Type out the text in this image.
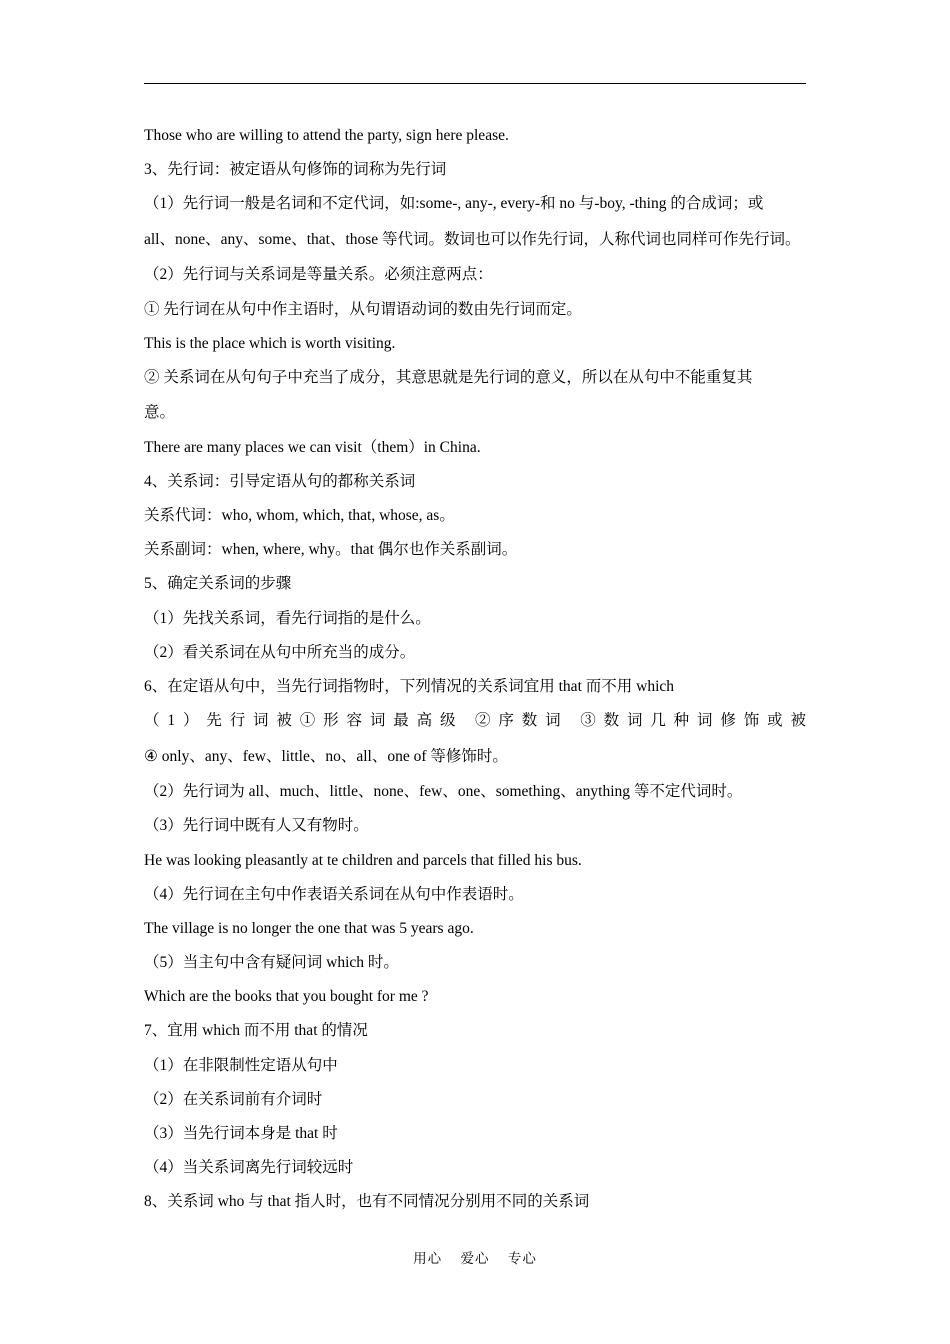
Those who are willing to attend the party, sign here please.
3、先行词：被定语从句修饰的词称为先行词
（1）先行词一般是名词和不定代词，如:some-, any-, every-和 no 与-boy, -thing 的合成词；或
all、none、any、some、that、those 等代词。数词也可以作先行词，人称代词也同样可作先行词。
（2）先行词与关系词是等量关系。必须注意两点：
① 先行词在从句中作主语时，从句谓语动词的数由先行词而定。
This is the place which is worth visiting.
② 关系词在从句句子中充当了成分，其意思就是先行词的意义，所以在从句中不能重复其
意。
There are many places we can visit（them）in China.
4、关系词：引导定语从句的都称关系词
关系代词：who, whom, which, that, whose, as。
关系副词：when, where, why。that 偶尔也作关系副词。
5、确定关系词的步骤
（1）先找关系词，看先行词指的是什么。
（2）看关系词在从句中所充当的成分。
6、在定语从句中，当先行词指物时，下列情况的关系词宜用 that 而不用 which
（1）先行词被①形容词最高级 ②序数词 ③数词几种词修饰或被
④ only、any、few、little、no、all、one of 等修饰时。
（2）先行词为 all、much、little、none、few、one、something、anything 等不定代词时。
（3）先行词中既有人又有物时。
He was looking pleasantly at te children and parcels that filled his bus.
（4）先行词在主句中作表语关系词在从句中作表语时。
The village is no longer the one that was 5 years ago.
（5）当主句中含有疑问词 which 时。
Which are the books that you bought for me ?
7、宜用 which 而不用 that 的情况
（1）在非限制性定语从句中
（2）在关系词前有介词时
（3）当先行词本身是 that 时
（4）当关系词离先行词较远时
8、关系词 who 与 that 指人时，也有不同情况分别用不同的关系词
用心 爱心 专心
